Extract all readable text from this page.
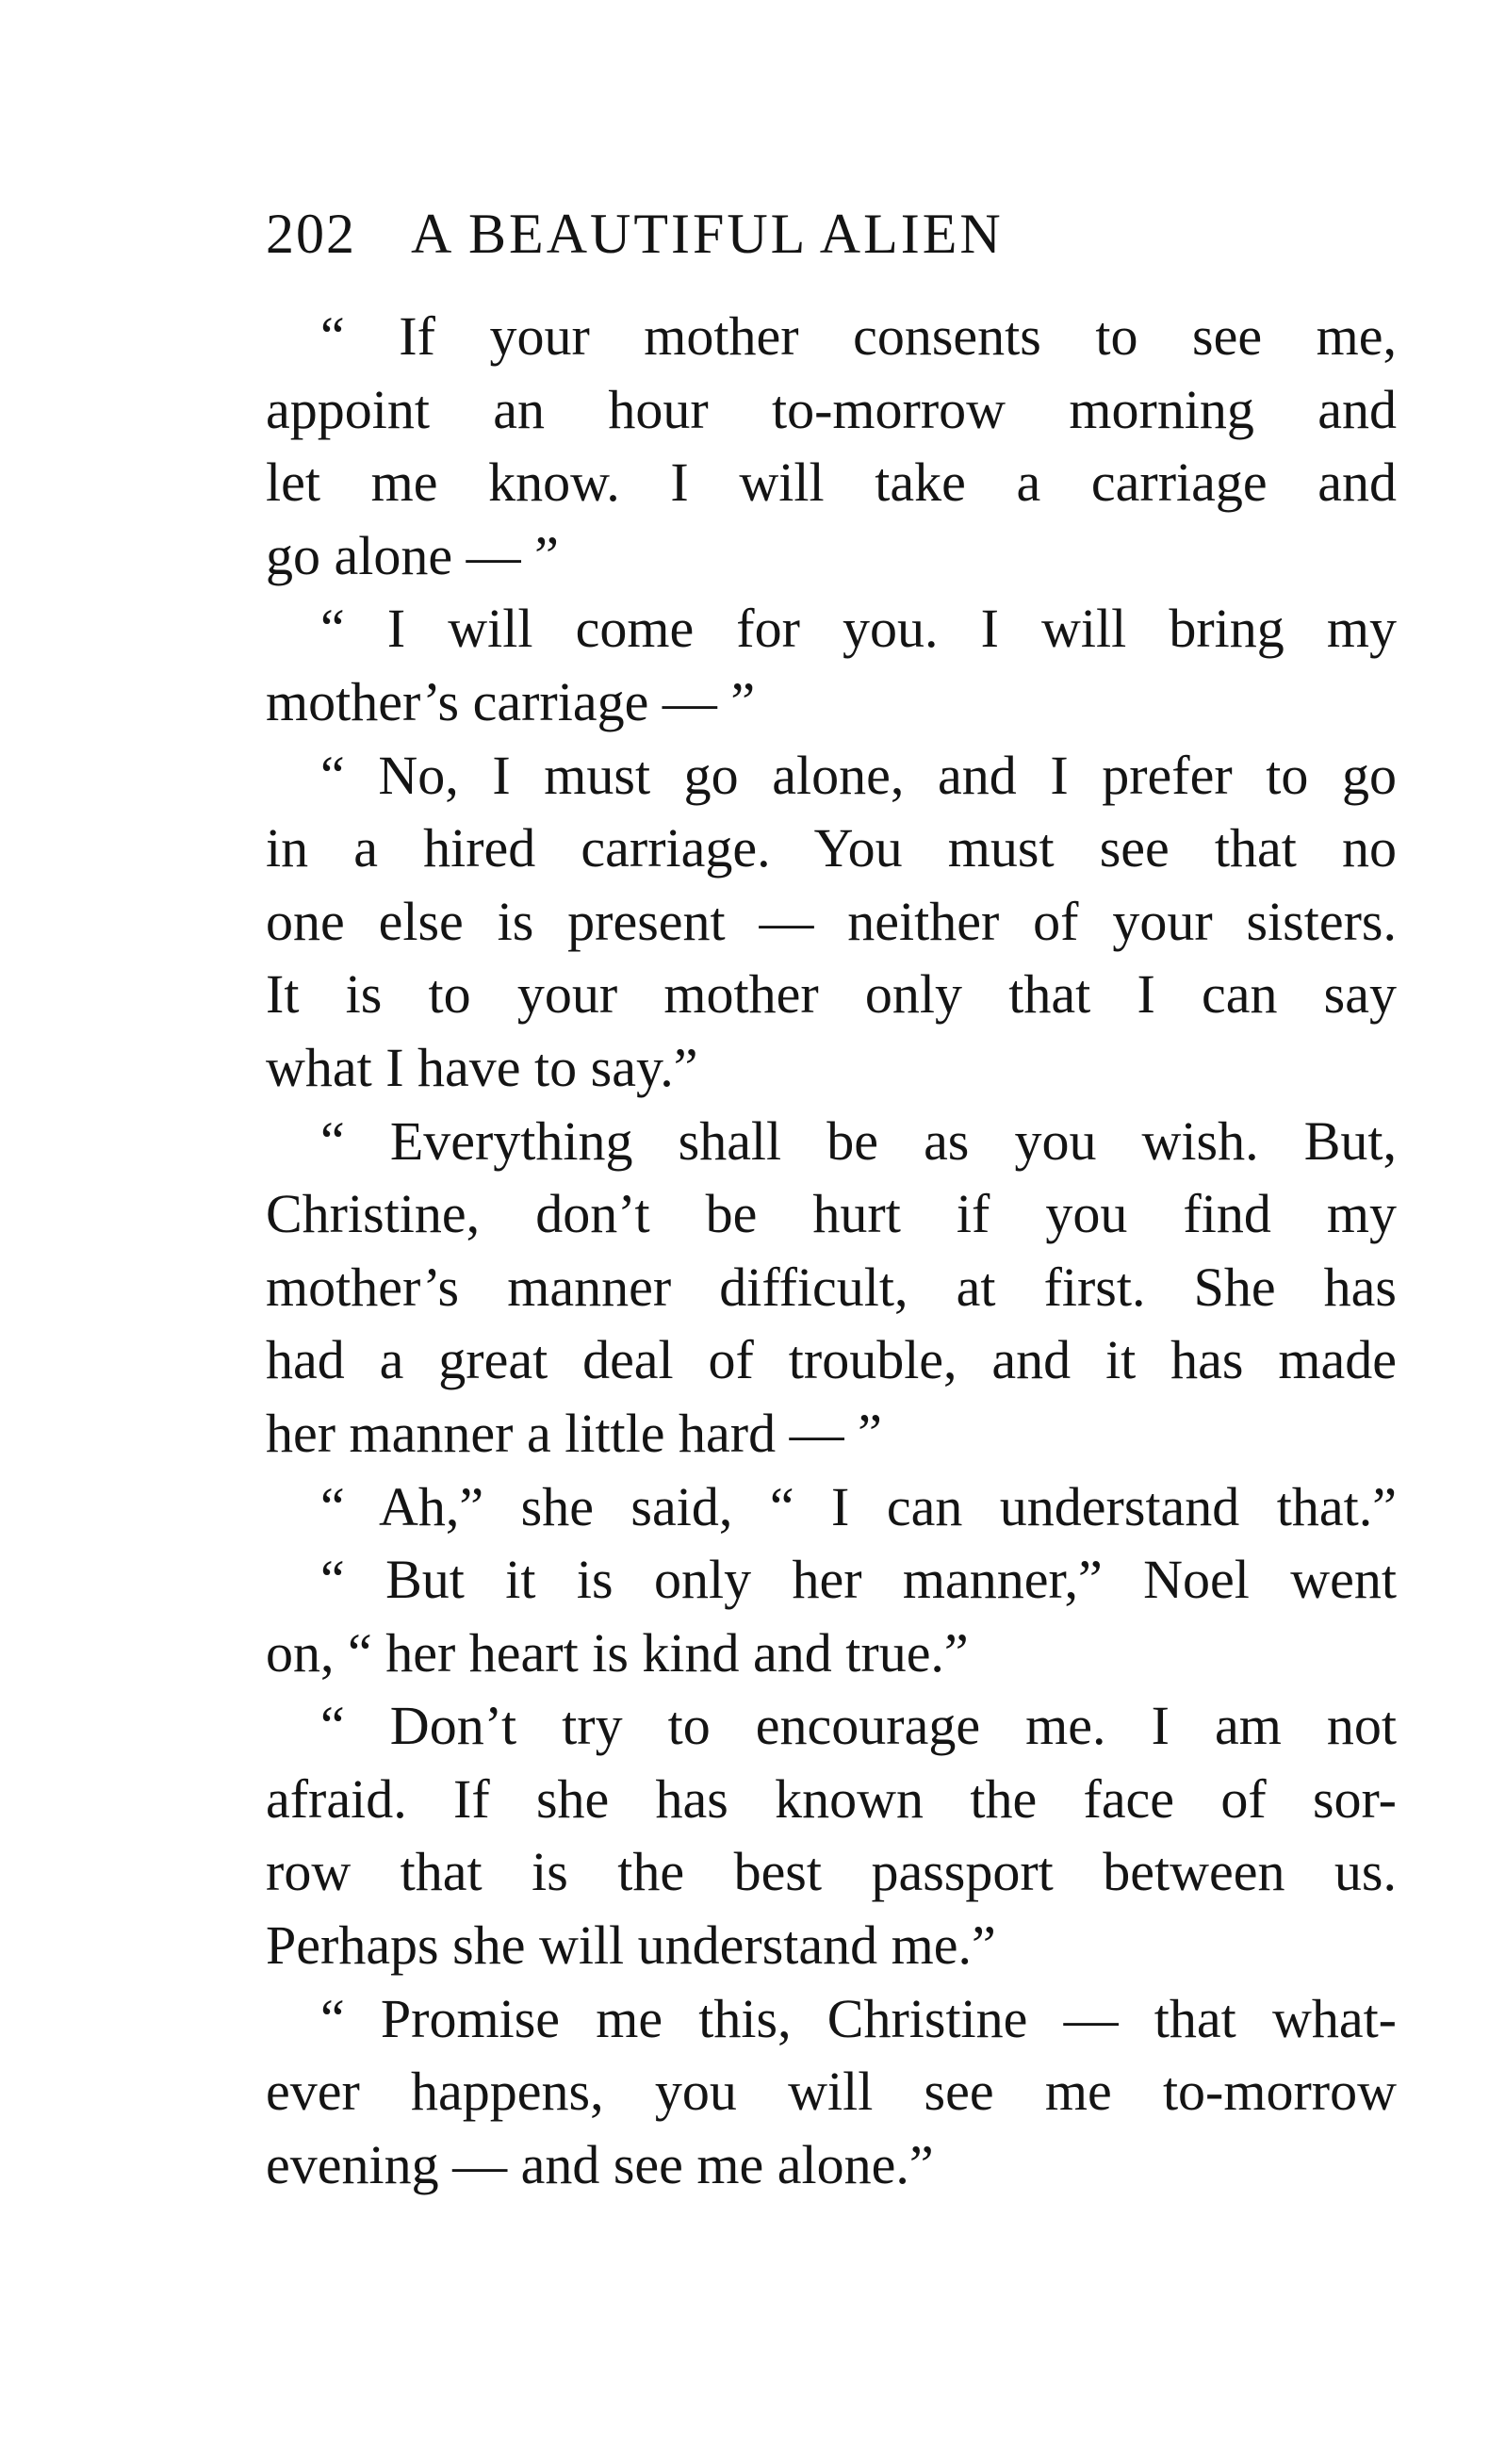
202 A BEAUTIFUL ALIEN
“ If your mother consents to see me,
appoint an hour to-morrow morning and
let me know. I will take a carriage and
go alone — ”
“ I will come for you. I will bring my
mother’s carriage — ”
“ No, I must go alone, and I prefer to go
in a hired carriage. You must see that no
one else is present — neither of your sisters.
It is to your mother only that I can say
what I have to say.”
“ Everything shall be as you wish. But,
Christine, don’t be hurt if you find my
mother’s manner difficult, at first. She has
had a great deal of trouble, and it has made
her manner a little hard — ”
“ Ah,” she said, “ I can understand that.”
“ But it is only her manner,” Noel went
on, “ her heart is kind and true.”
“ Don’t try to encourage me. I am not
afraid. If she has known the face of sor-
row that is the best passport between us.
Perhaps she will understand me.”
“ Promise me this, Christine — that what-
ever happens, you will see me to-morrow
evening — and see me alone.”
